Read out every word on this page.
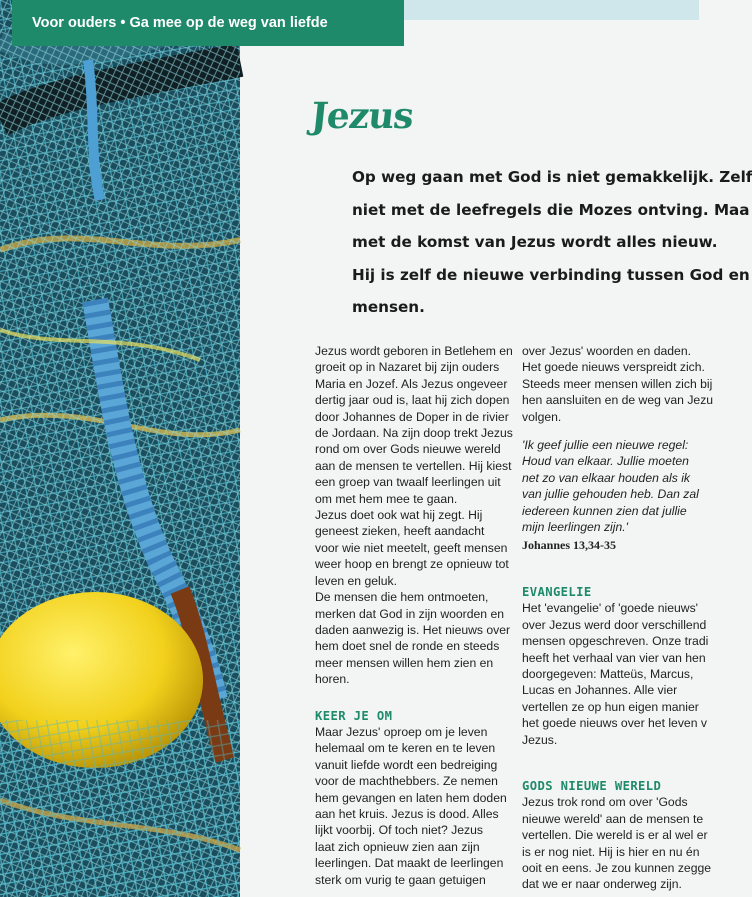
Voor ouders • Ga mee op de weg van liefde
Jezus
Op weg gaan met God is niet gemakkelijk. Zelf
niet met de leefregels die Mozes ontving. Maa
met de komst van Jezus wordt alles nieuw.
Hij is zelf de nieuwe verbinding tussen God en
mensen.
Jezus wordt geboren in Betlehem en
groeit op in Nazaret bij zijn ouders
Maria en Jozef. Als Jezus ongeveer
dertig jaar oud is, laat hij zich dopen
door Johannes de Doper in de rivier
de Jordaan. Na zijn doop trekt Jezus
rond om over Gods nieuwe wereld
aan de mensen te vertellen. Hij kiest
een groep van twaalf leerlingen uit
om met hem mee te gaan.
Jezus doet ook wat hij zegt. Hij
geneest zieken, heeft aandacht
voor wie niet meetelt, geeft mensen
weer hoop en brengt ze opnieuw tot
leven en geluk.
De mensen die hem ontmoeten,
merken dat God in zijn woorden en
daden aanwezig is. Het nieuws over
hem doet snel de ronde en steeds
meer mensen willen hem zien en
horen.
KEER JE OM
Maar Jezus' oproep om je leven
helemaal om te keren en te leven
vanuit liefde wordt een bedreiging
voor de machthebbers. Ze nemen
hem gevangen en laten hem doden
aan het kruis. Jezus is dood. Alles
lijkt voorbij. Of toch niet? Jezus
laat zich opnieuw zien aan zijn
leerlingen. Dat maakt de leerlingen
sterk om vurig te gaan getuigen
over Jezus' woorden en daden.
Het goede nieuws verspreidt zich.
Steeds meer mensen willen zich bij
hen aansluiten en de weg van Jezu
volgen.
'Ik geef jullie een nieuwe regel:
Houd van elkaar. Jullie moeten
net zo van elkaar houden als ik
van jullie gehouden heb. Dan zal
iedereen kunnen zien dat jullie
mijn leerlingen zijn.'
Johannes 13,34-35
EVANGELIE
Het 'evangelie' of 'goede nieuws'
over Jezus werd door verschillend
mensen opgeschreven. Onze tradi
heeft het verhaal van vier van hen
doorgegeven: Matteüs, Marcus,
Lucas en Johannes. Alle vier
vertellen ze op hun eigen manier
het goede nieuws over het leven v
Jezus.
GODS NIEUWE WERELD
Jezus trok rond om over 'Gods
nieuwe wereld' aan de mensen te
vertellen. Die wereld is er al wel er
is er nog niet. Hij is hier en nu én
ooit en eens. Je zou kunnen zegge
dat we er naar onderweg zijn.
